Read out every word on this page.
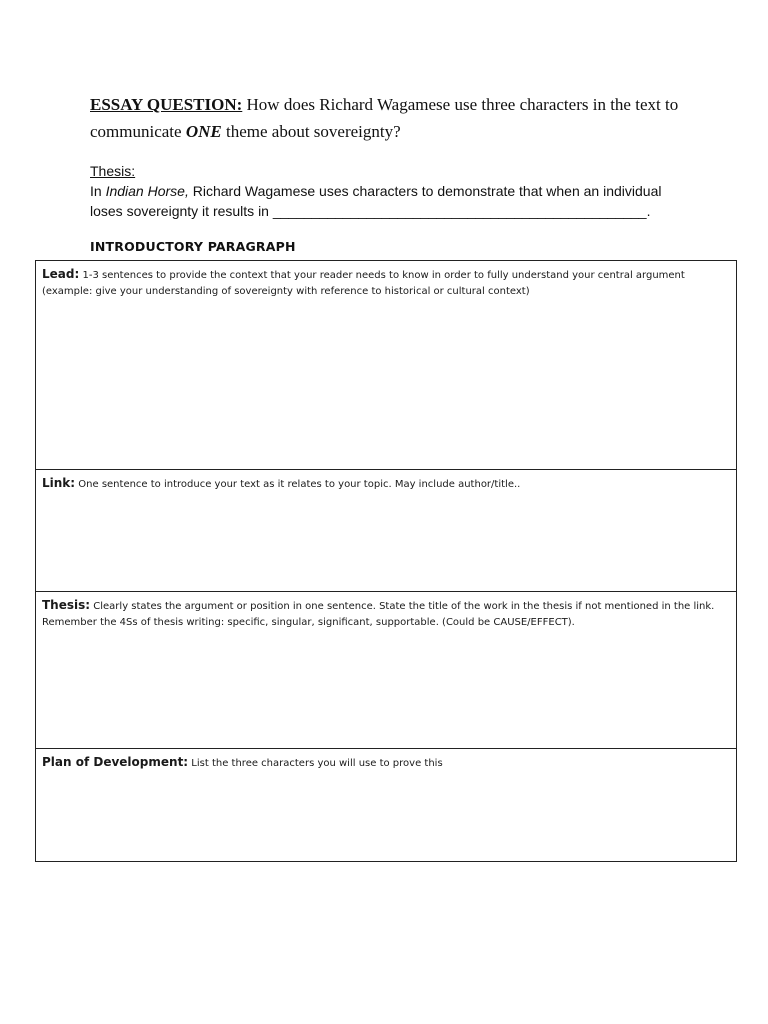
ESSAY QUESTION: How does Richard Wagamese use three characters in the text to communicate ONE theme about sovereignty?

Thesis:
In Indian Horse, Richard Wagamese uses characters to demonstrate that when an individual loses sovereignty it results in ________________________________________________.
INTRODUCTORY PARAGRAPH
Lead: 1-3 sentences to provide the context that your reader needs to know in order to fully understand your central argument (example: give your understanding of sovereignty with reference to historical or cultural context)
Link: One sentence to introduce your text as it relates to your topic. May include author/title..
Thesis: Clearly states the argument or position in one sentence. State the title of the work in the thesis if not mentioned in the link. Remember the 4Ss of thesis writing: specific, singular, significant, supportable. (Could be CAUSE/EFFECT).
Plan of Development: List the three characters you will use to prove this
